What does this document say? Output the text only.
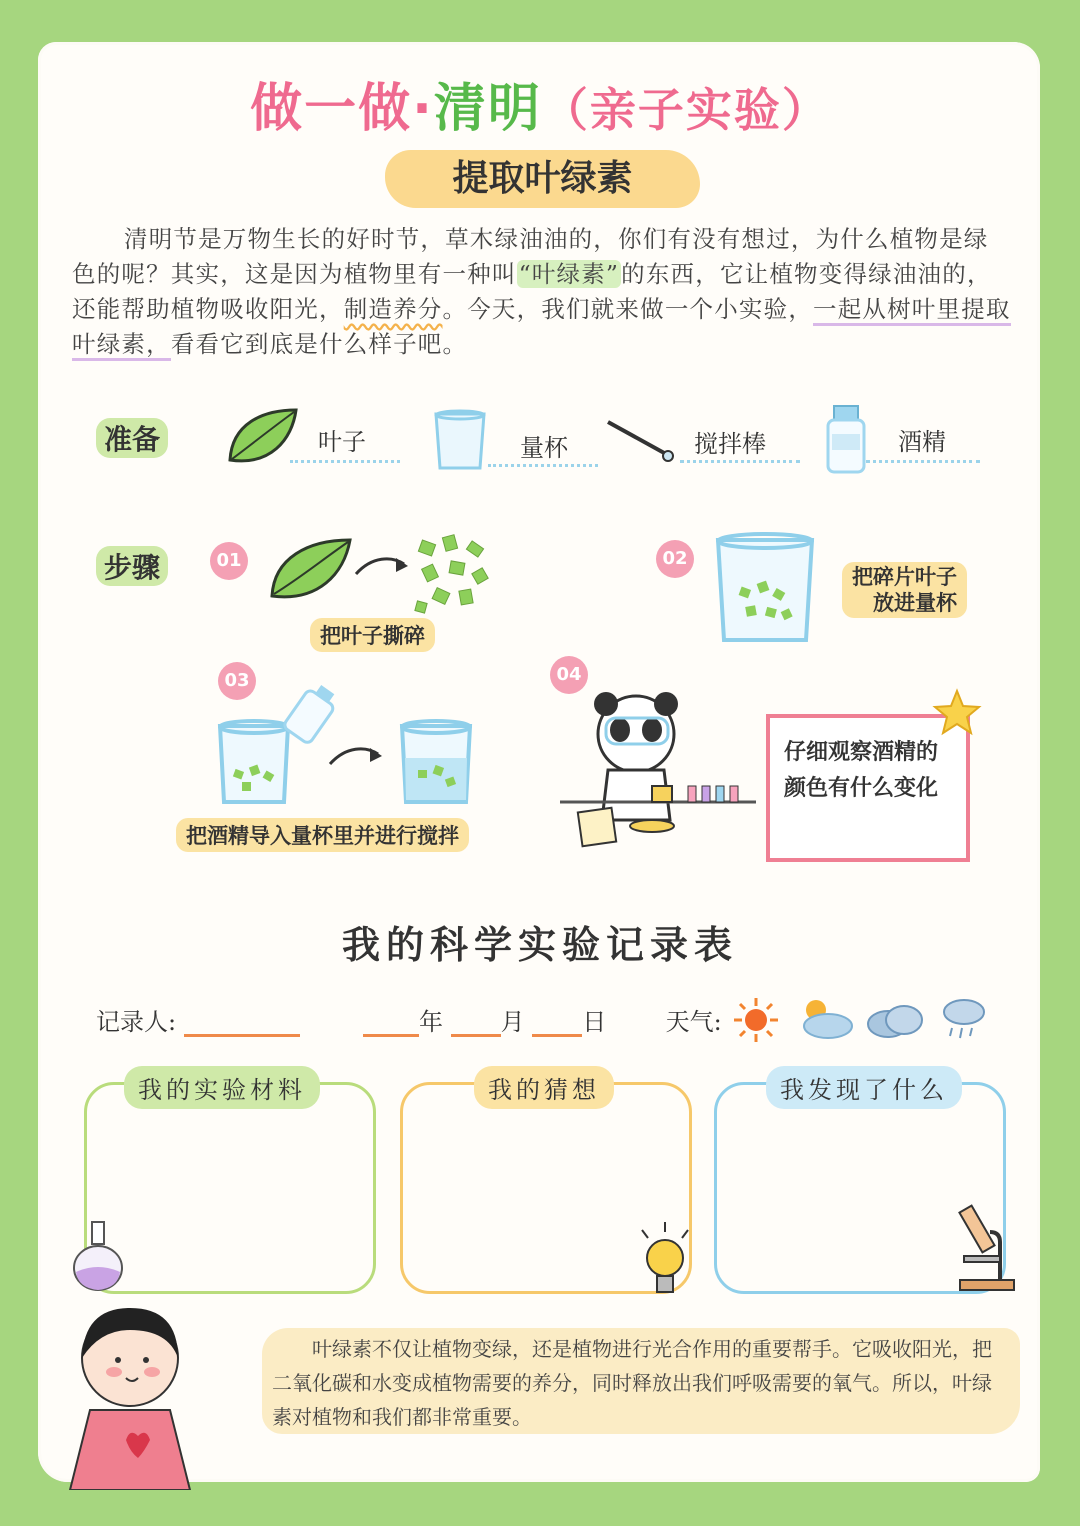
做一做·清明（亲子实验）
提取叶绿素
清明节是万物生长的好时节，草木绿油油的，你们有没有想过，为什么植物是绿色的呢？其实，这是因为植物里有一种叫“叶绿素”的东西，它让植物变得绿油油的，还能帮助植物吸收阳光，制造养分。今天，我们就来做一个小实验，一起从树叶里提取叶绿素，看看它到底是什么样子吧。
准备	叶子	量杯	搅拌棒	酒精
步骤	01
把叶子撕碎
02
把碎片叶子
放进量杯
03
把酒精导入量杯里并进行搅拌
04
仔细观察酒精的颜色有什么变化
我的科学实验记录表
记录人:	年 月 日 天气:
我的实验材料	我的猜想	我发现了什么
叶绿素不仅让植物变绿，还是植物进行光合作用的重要帮手。它吸收阳光，把二氧化碳和水变成植物需要的养分，同时释放出我们呼吸需要的氧气。所以，叶绿素对植物和我们都非常重要。
